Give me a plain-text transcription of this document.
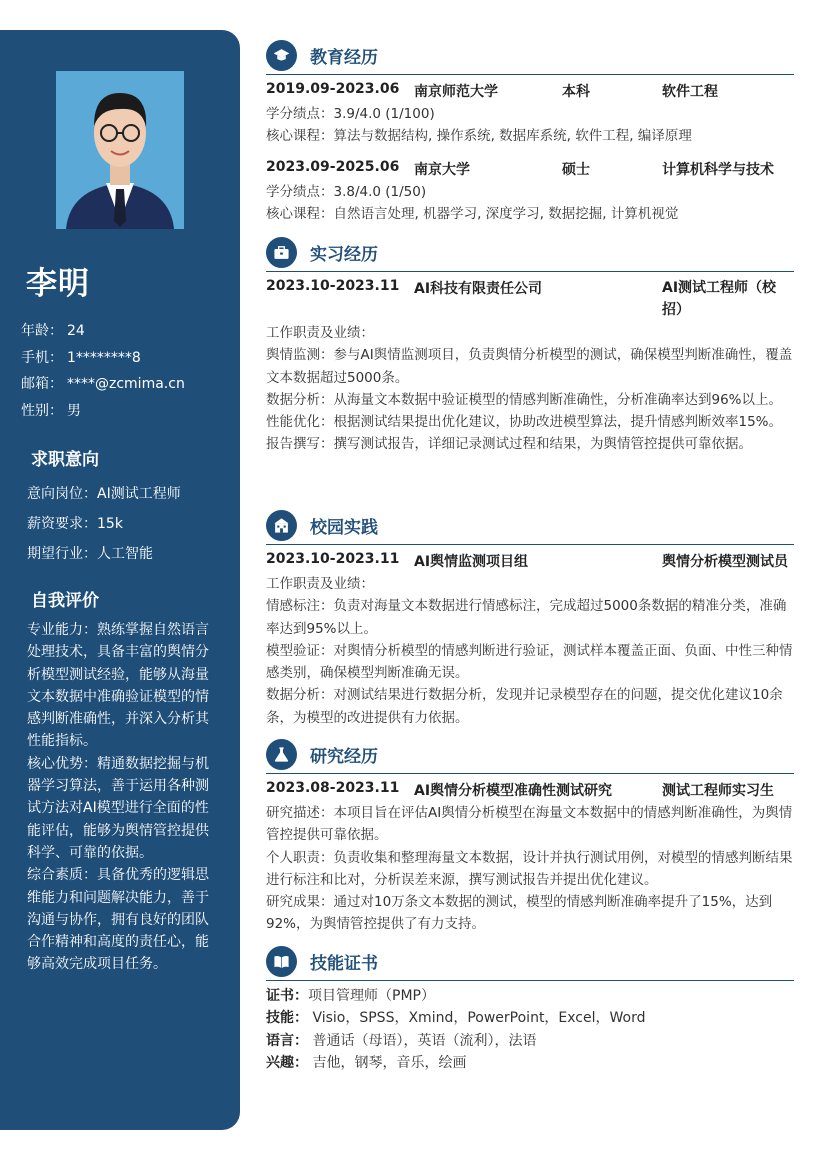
李明
年龄： 24
手机： 1********8
邮箱： ****@zcmima.cn
性别： 男
求职意向
意向岗位：AI测试工程师
薪资要求：15k
期望行业：人工智能
自我评价

专业能力：熟练掌握自然语言处理技术，具备丰富的舆情分析模型测试经验，能够从海量文本数据中准确验证模型的情感判断准确性，并深入分析其性能指标。

核心优势：精通数据挖掘与机器学习算法，善于运用各种测试方法对AI模型进行全面的性能评估，能够为舆情管控提供科学、可靠的依据。

综合素质：具备优秀的逻辑思维能力和问题解决能力，善于沟通与协作，拥有良好的团队合作精神和高度的责任心，能够高效完成项目任务。

教育经历
2019.09-2023.06 南京师范大学	本科	软件工程

学分绩点：3.9/4.0 (1/100)

核心课程：算法与数据结构, 操作系统, 数据库系统, 软件工程, 编译原理

2023.09-2025.06 南京大学	硕士	计算机科学与技术

学分绩点：3.8/4.0 (1/50)

核心课程：自然语言处理, 机器学习, 深度学习, 数据挖掘, 计算机视觉

实习经历
2023.10-2023.11 AI科技有限责任公司	AI测试工程师（校招）

工作职责及业绩：

舆情监测：参与AI舆情监测项目，负责舆情分析模型的测试，确保模型判断准确性，覆盖文本数据超过5000条。

数据分析：从海量文本数据中验证模型的情感判断准确性，分析准确率达到96%以上。

性能优化：根据测试结果提出优化建议，协助改进模型算法，提升情感判断效率15%。

报告撰写：撰写测试报告，详细记录测试过程和结果，为舆情管控提供可靠依据。

校园实践
2023.10-2023.11 AI舆情监测项目组	舆情分析模型测试员

工作职责及业绩：

情感标注：负责对海量文本数据进行情感标注，完成超过5000条数据的精准分类，准确率达到95%以上。

模型验证：对舆情分析模型的情感判断进行验证，测试样本覆盖正面、负面、中性三种情感类别，确保模型判断准确无误。

数据分析：对测试结果进行数据分析，发现并记录模型存在的问题，提交优化建议10余条，为模型的改进提供有力依据。

研究经历
2023.08-2023.11 AI舆情分析模型准确性测试研究	测试工程师实习生

研究描述：本项目旨在评估AI舆情分析模型在海量文本数据中的情感判断准确性，为舆情管控提供可靠依据。

个人职责：负责收集和整理海量文本数据，设计并执行测试用例，对模型的情感判断结果进行标注和比对，分析误差来源，撰写测试报告并提出优化建议。

研究成果：通过对10万条文本数据的测试，模型的情感判断准确率提升了15%，达到92%，为舆情管控提供了有力支持。

技能证书
证书：项目管理师（PMP）
技能： Visio，SPSS，Xmind，PowerPoint，Excel，Word
语言： 普通话（母语），英语（流利），法语
兴趣： 吉他，钢琴，音乐，绘画
